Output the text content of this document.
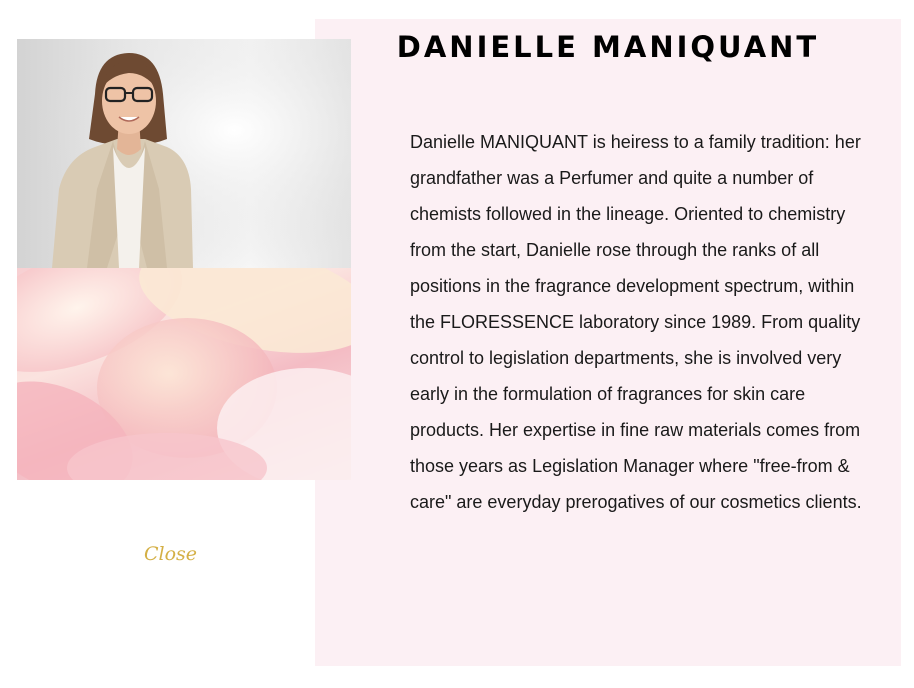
Close
DANIELLE MANIQUANT

Danielle MANIQUANT is heiress to a family tradition: her grandfather was a Perfumer and quite a number of chemists followed in the lineage. Oriented to chemistry from the start, Danielle rose through the ranks of all positions in the fragrance development spectrum, within the FLORESSENCE laboratory since 1989. From quality control to legislation departments, she is involved very early in the formulation of fragrances for skin care products. Her expertise in fine raw materials comes from those years as Legislation Manager where "free-from & care" are everyday prerogatives of our cosmetics clients.
